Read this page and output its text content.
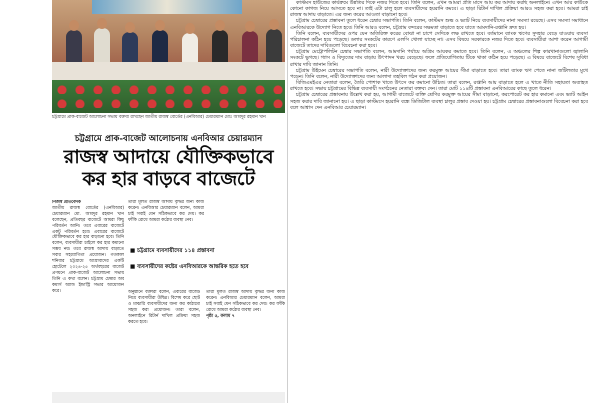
চট্টগ্রামে প্রাক-বাজেট আলোচনা সভায় বক্তব্য রাখছেন জাতীয় রাজস্ব বোর্ডের (এনবিআর) চেয়ারম্যান মোঃ আবদুর রহমান খান
চট্টগ্রামে প্রাক-বাজেট আলোচনায় এনবিআর চেয়ারম্যান
রাজস্ব আদায়ে যৌক্তিকভাবে
কর হার বাড়বে বাজেটে
নিজস্ব প্রতিবেদক
জাতীয় রাজস্ব বোর্ডের (এনবিআর) চেয়ারম্যান মো. আবদুর রহমান খান বলেছেন, প্রতিবছর বাজেটে আমরা কিছু পরিবর্তন আনি। তবে এবারের বাজেটে একটু পরিবর্তন হবে। এবারের বাজেটে যৌক্তিকভাবে কর হার বাড়ানো হবে। তিনি বলেন, ব্যবসায়ীরা চাইলে কর হার কমানো সম্ভব নয়। তবে রাজস্ব আদায় বাড়াতে সবার সহযোগিতা প্রয়োজন। গতকাল শনিবার চট্টগ্রামে আগ্রাবাদের একটি হোটেলে ২০২৪-২৫ অর্থবছরের বাজেট প্রণয়নে প্রাক-বাজেট আলোচনা সভায় তিনি এ কথা বলেন। চট্টগ্রাম চেম্বার অব কমার্স অ্যান্ড ইন্ডাস্ট্রি সভার আয়োজন করে।
তারা মূলত রাজস্ব আদায় বৃদ্ধির জন্য কাজ করেন। এনবিআর চেয়ারম্যান বলেন, আমরা চাই সবাই যেন সঠিকভাবে কর দেয়। কর ফাঁকি রোধে আমরা কঠোর ব্যবস্থা নেব।
■ চট্টগ্রামে ব্যবসায়ীদের ১১৪ প্রস্তাবনা
■ ব্যবসায়ীদের কষ্টের এনবিআরকে আন্তরিক হতে হবে
অনুষ্ঠানে বক্তারা বলেন, এবারের বাজেট নিয়ে ব্যবসায়ীরা উদ্বিগ্ন। বিশেষ করে ছোট ও মাঝারি ব্যবসায়ীদের জন্য কর কাঠামো সহজ করা প্রয়োজন। তারা বলেন, অনলাইনে রিটার্ন দাখিল প্রক্রিয়া সহজ করতে হবে।
তারা মূলত রাজস্ব আদায় বৃদ্ধির জন্য কাজ করেন। এনবিআর চেয়ারম্যান বলেন, আমরা চাই সবাই যেন সঠিকভাবে কর দেয়। কর ফাঁকি রোধে আমরা কঠোর ব্যবস্থা নেব।
পৃষ্ঠা ৫, কলাম ৭

কাস্টমস হাউজের কার্যক্রমে উন্নতির দিকে নজর দিতে হবে। তিনি বলেন, এখন আমরা প্রতি মাসে আয় কর আদায় করছি অনলাইনে। এখন আর কাউকে কোনো কাগজ নিয়ে আসতে হবে না। তাই এটা চালু হলে ব্যবসায়ীদের হয়রানি কমবে। এ ছাড়া রিটার্ন দাখিল প্রক্রিয়া আরও সহজ করা হবে। আমরা চাই রাজস্ব আদায় বাড়াতে। এর জন্য করের আওতা বাড়ানো হবে।

চট্টগ্রাম চেম্বারের প্রস্তাবনা তুলে ধরেন চেম্বার সভাপতি। তিনি বলেন, কাস্টমস শুল্ক ও ভ্যাট নিয়ে ব্যবসায়ীদের নানা সমস্যা রয়েছে। এসব সমস্যা সমাধানে এনবিআরকে উদ্যোগ নিতে হবে। তিনি আরও বলেন, চট্টগ্রাম বন্দরের সক্ষমতা বাড়াতে হবে যাতে আমদানি-রপ্তানি দ্রুত হয়।

তিনি বলেন, ব্যবসায়ীদের ওপর যেন অতিরিক্ত করের বোঝা না চাপে সেদিকে লক্ষ রাখতে হবে। বর্তমানে ব্যাংক ঋণের সুদহার বেড়ে যাওয়ায় ব্যবসা পরিচালনা কঠিন হয়ে পড়েছে। ডলার সংকটের কারণে এলসি খোলা যাচ্ছে না। এসব বিষয়ে সরকারকে নজর দিতে হবে। ব্যবসায়ীরা আশা করেন আগামী বাজেটে তাদের দাবিগুলো বিবেচনা করা হবে।

চট্টগ্রাম মেট্রোপলিটন চেম্বার সভাপতি বলেন, আমদানি পর্যায়ে অগ্রিম আয়কর কমাতে হবে। তিনি বলেন, এ অঞ্চলের শিল্প কারখানাগুলো জ্বালানি সংকটে ভুগছে। গ্যাস ও বিদ্যুতের দাম বাড়ায় উৎপাদন খরচ বেড়েছে। ফলে প্রতিযোগিতায় টিকে থাকা কঠিন হয়ে পড়েছে। এ বিষয়ে বাজেটে বিশেষ সুবিধা রাখার দাবি জানান তিনি।

চট্টগ্রাম উইমেন চেম্বারের সভাপতি বলেন, নারী উদ্যোক্তাদের জন্য করমুক্ত আয়ের সীমা বাড়াতে হবে। তারা ব্যাংক ঋণ পেতে নানা জটিলতার মুখে পড়েন। তিনি বলেন, নারী উদ্যোক্তাদের জন্য আলাদা তহবিল গঠন করা প্রয়োজন।

বিজিএমইএর নেতারা বলেন, তৈরি পোশাক খাতে উৎসে কর কমানো উচিত। তারা বলেন, রপ্তানি আয় বাড়াতে হলে এ খাতে নীতি সহায়তা অব্যাহত রাখতে হবে। সভায় চট্টগ্রামের বিভিন্ন ব্যবসায়ী সংগঠনের নেতারা বক্তব্য দেন। তারা মোট ১১৪টি প্রস্তাবনা এনবিআরের কাছে তুলে ধরেন।

চট্টগ্রাম চেম্বারের প্রস্তাবনায় উল্লেখ করা হয়, আগামী বাজেটে ব্যক্তি শ্রেণির করমুক্ত আয়ের সীমা বাড়ানো, করপোরেট কর হার কমানো এবং ভ্যাট আইন সহজ করার দাবি জানানো হয়। এ ছাড়া কাস্টমসে হয়রানি বন্ধে ডিজিটাল ব্যবস্থা চালুর প্রস্তাব দেওয়া হয়। চট্টগ্রাম চেম্বারের প্রস্তাবনাগুলো বিবেচনা করা হবে বলে আশ্বাস দেন এনবিআর চেয়ারম্যান।
